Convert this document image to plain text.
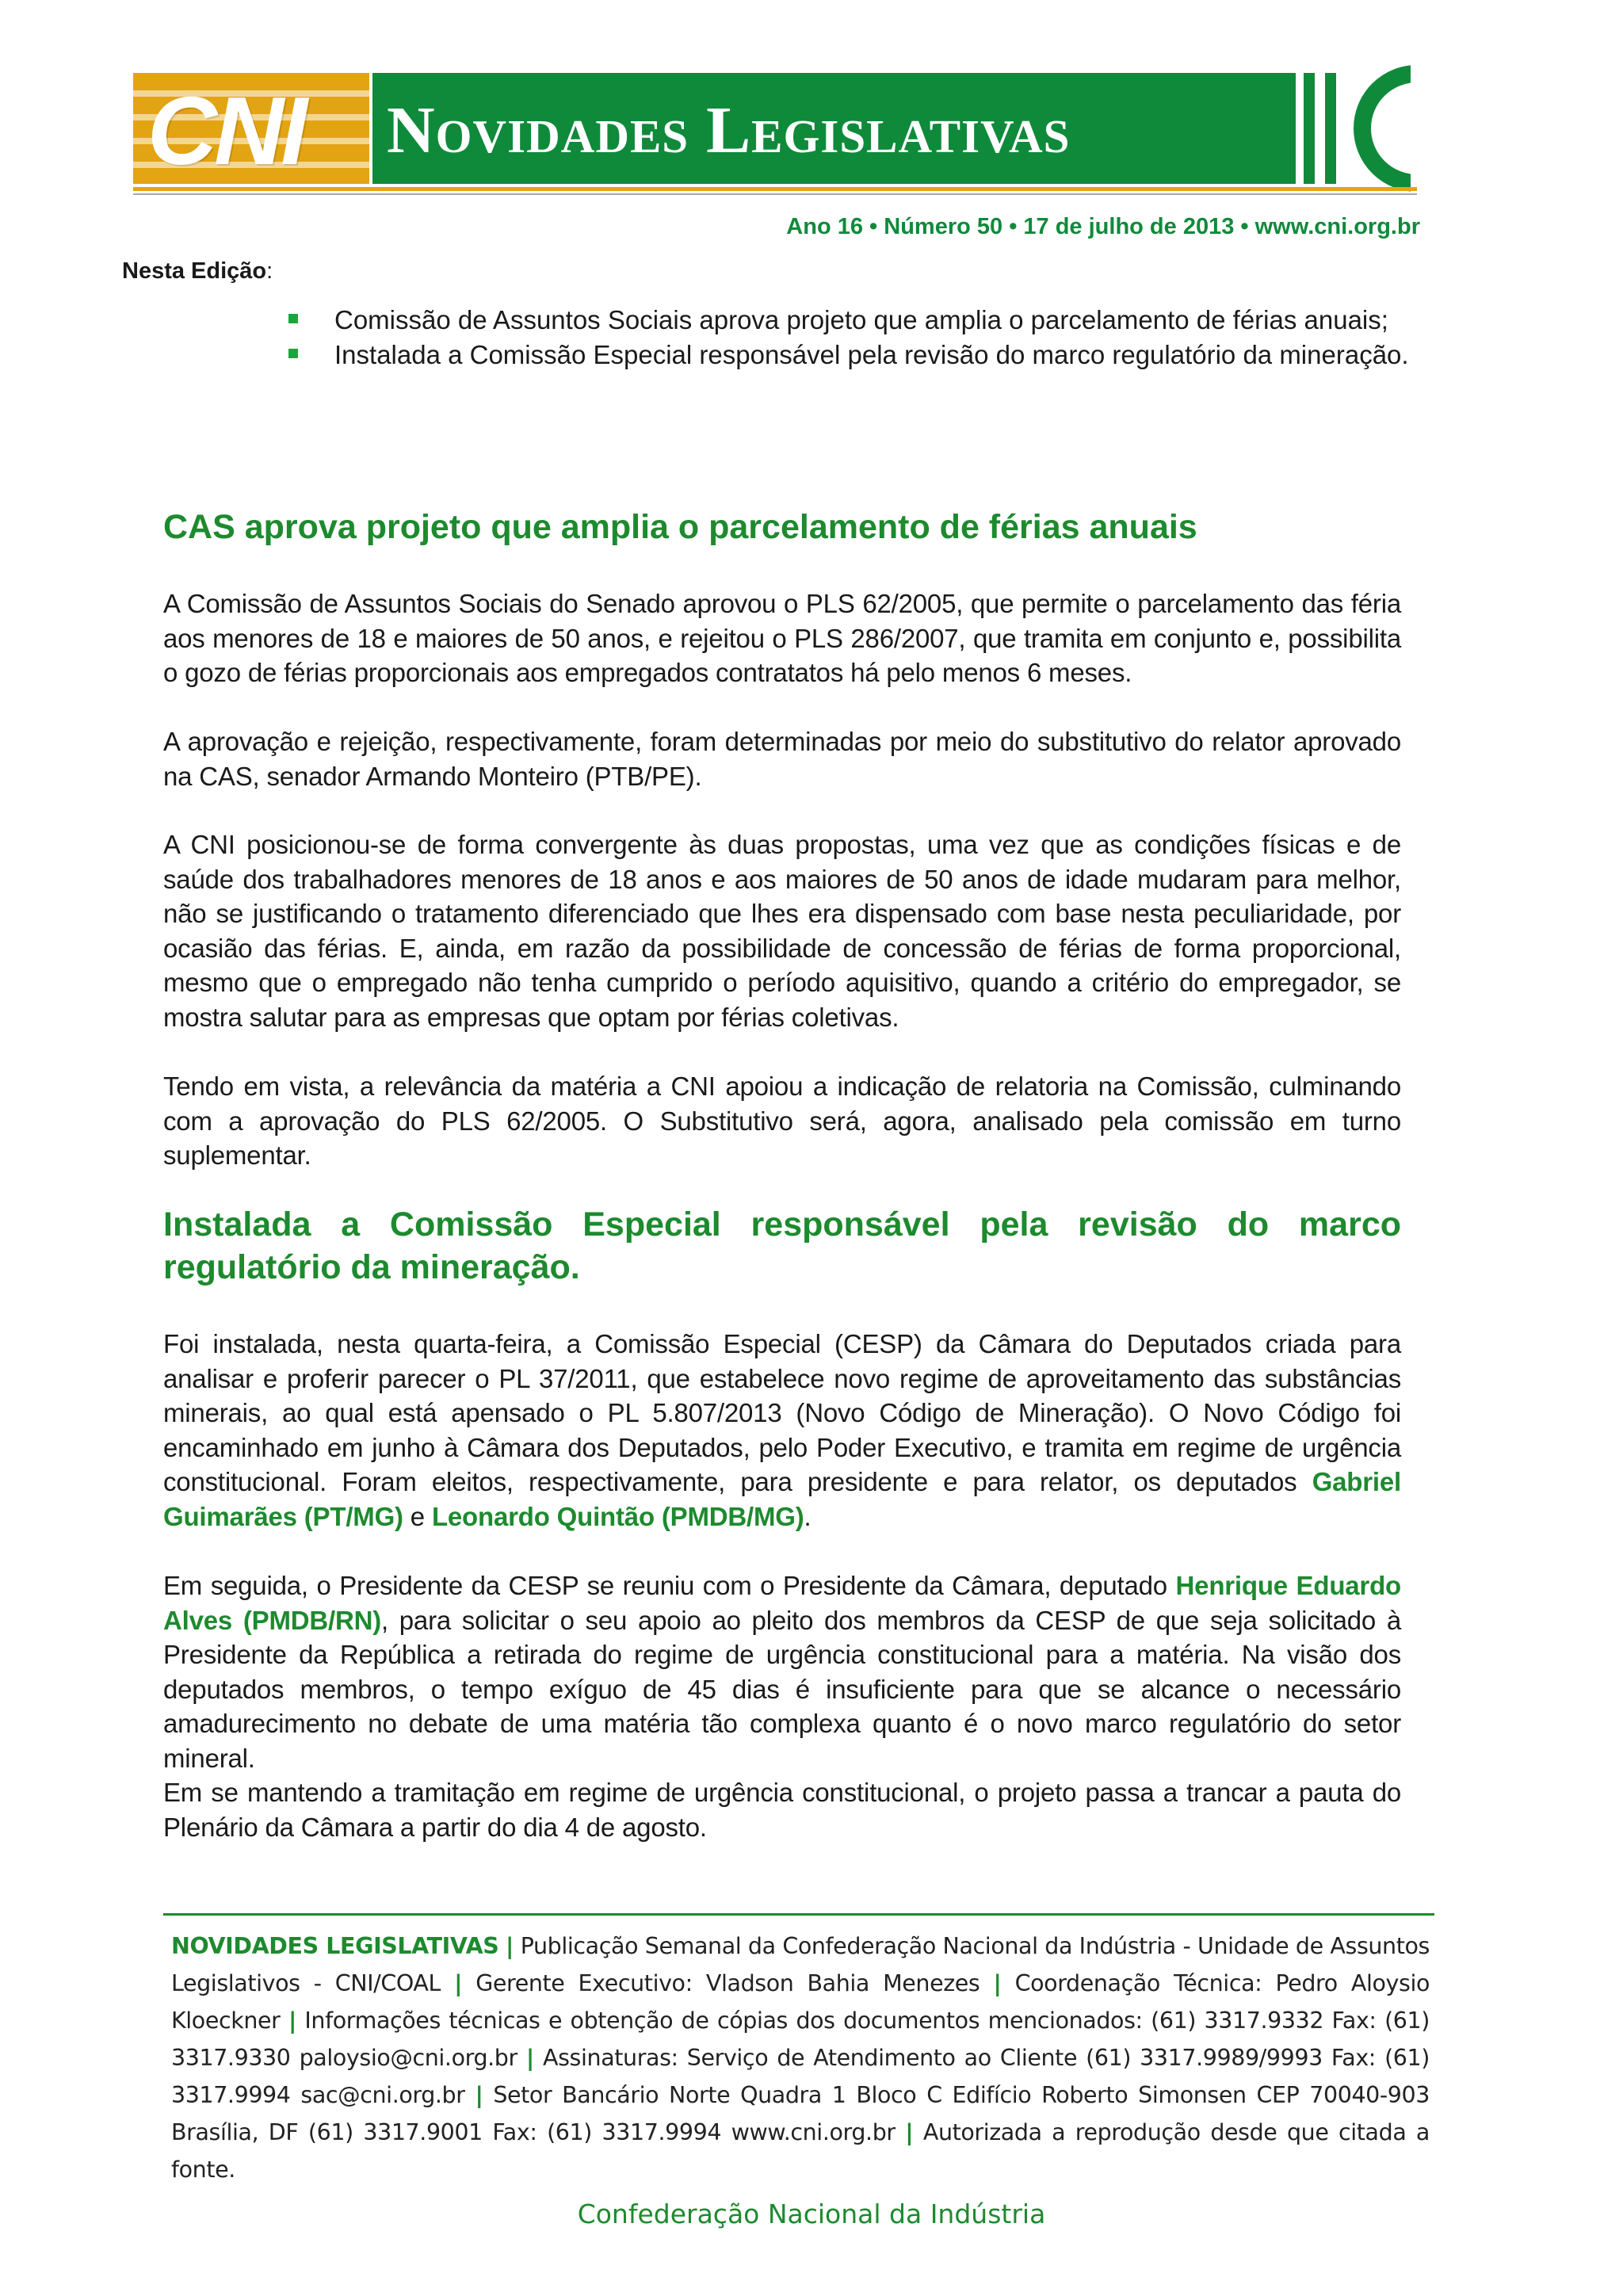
CNI Novidades Legislativas
Ano 16 • Número 50 • 17 de julho de 2013 • www.cni.org.br
Nesta Edição:
Comissão de Assuntos Sociais aprova projeto que amplia o parcelamento de férias anuais;
Instalada a Comissão Especial responsável pela revisão do marco regulatório da mineração.
CAS aprova projeto que amplia o parcelamento de férias anuais

A Comissão de Assuntos Sociais do Senado aprovou o PLS 62/2005, que permite o parcelamento das féria aos menores de 18 e maiores de 50 anos, e rejeitou o PLS 286/2007, que tramita em conjunto e, possibilita o gozo de férias proporcionais aos empregados contratatos há pelo menos 6 meses.

A aprovação e rejeição, respectivamente, foram determinadas por meio do substitutivo do relator aprovado na CAS, senador Armando Monteiro (PTB/PE).

A CNI posicionou-se de forma convergente às duas propostas, uma vez que as condições físicas e de saúde dos trabalhadores menores de 18 anos e aos maiores de 50 anos de idade mudaram para melhor, não se justificando o tratamento diferenciado que lhes era dispensado com base nesta peculiaridade, por ocasião das férias. E, ainda, em razão da possibilidade de concessão de férias de forma proporcional, mesmo que o empregado não tenha cumprido o período aquisitivo, quando a critério do empregador, se mostra salutar para as empresas que optam por férias coletivas.

Tendo em vista, a relevância da matéria a CNI apoiou a indicação de relatoria na Comissão, culminando com a aprovação do PLS 62/2005. O Substitutivo será, agora, analisado pela comissão em turno suplementar.

Instalada a Comissão Especial responsável pela revisão do marco regulatório da mineração.

Foi instalada, nesta quarta-feira, a Comissão Especial (CESP) da Câmara do Deputados criada para analisar e proferir parecer o PL 37/2011, que estabelece novo regime de aproveitamento das substâncias minerais, ao qual está apensado o PL 5.807/2013 (Novo Código de Mineração). O Novo Código foi encaminhado em junho à Câmara dos Deputados, pelo Poder Executivo, e tramita em regime de urgência constitucional. Foram eleitos, respectivamente, para presidente e para relator, os deputados Gabriel Guimarães (PT/MG) e Leonardo Quintão (PMDB/MG).

Em seguida, o Presidente da CESP se reuniu com o Presidente da Câmara, deputado Henrique Eduardo Alves (PMDB/RN), para solicitar o seu apoio ao pleito dos membros da CESP de que seja solicitado à Presidente da República a retirada do regime de urgência constitucional para a matéria. Na visão dos deputados membros, o tempo exíguo de 45 dias é insuficiente para que se alcance o necessário amadurecimento no debate de uma matéria tão complexa quanto é o novo marco regulatório do setor mineral.

Em se mantendo a tramitação em regime de urgência constitucional, o projeto passa a trancar a pauta do Plenário da Câmara a partir do dia 4 de agosto.

NOVIDADES LEGISLATIVAS | Publicação Semanal da Confederação Nacional da Indústria - Unidade de Assuntos Legislativos - CNI/COAL | Gerente Executivo: Vladson Bahia Menezes | Coordenação Técnica: Pedro Aloysio Kloeckner | Informações técnicas e obtenção de cópias dos documentos mencionados: (61) 3317.9332 Fax: (61) 3317.9330 paloysio@cni.org.br | Assinaturas: Serviço de Atendimento ao Cliente (61) 3317.9989/9993 Fax: (61) 3317.9994 sac@cni.org.br | Setor Bancário Norte Quadra 1 Bloco C Edifício Roberto Simonsen CEP 70040-903 Brasília, DF (61) 3317.9001 Fax: (61) 3317.9994 www.cni.org.br | Autorizada a reprodução desde que citada a fonte.
Confederação Nacional da Indústria
